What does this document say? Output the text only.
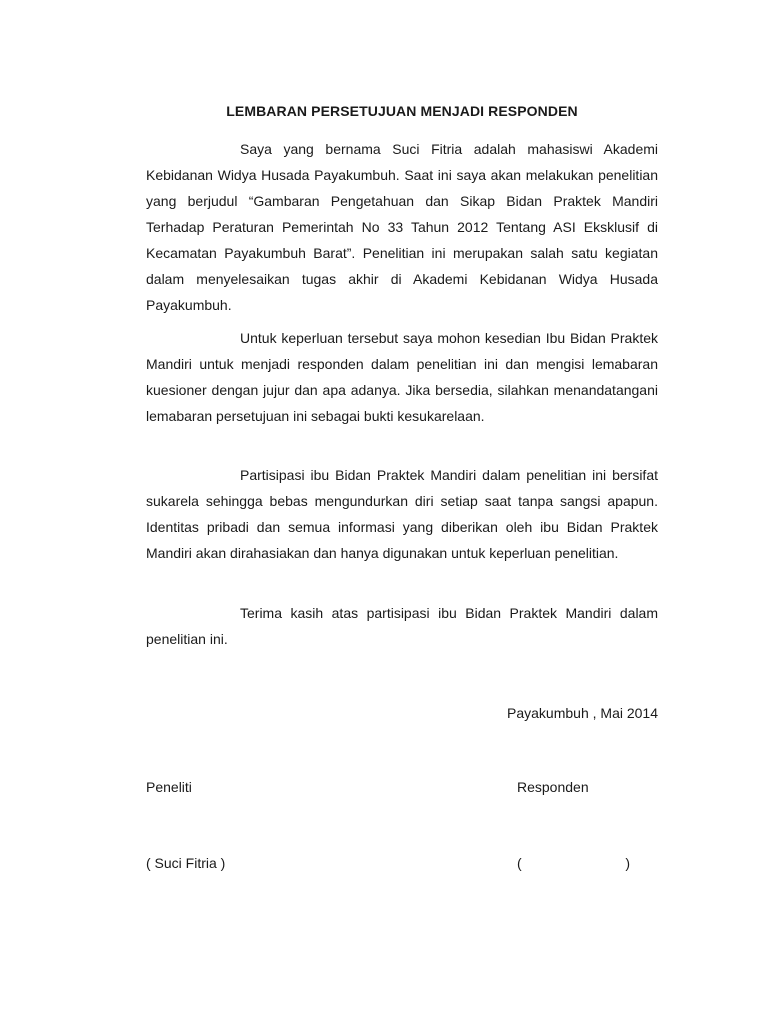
LEMBARAN PERSETUJUAN MENJADI RESPONDEN

Saya yang bernama Suci Fitria adalah mahasiswi Akademi Kebidanan Widya Husada Payakumbuh. Saat ini saya akan melakukan penelitian yang berjudul “Gambaran Pengetahuan dan Sikap Bidan Praktek Mandiri Terhadap Peraturan Pemerintah No 33 Tahun 2012 Tentang ASI Eksklusif di Kecamatan Payakumbuh Barat”. Penelitian ini merupakan salah satu kegiatan dalam menyelesaikan tugas akhir di Akademi Kebidanan Widya Husada Payakumbuh.

Untuk keperluan tersebut saya mohon kesedian Ibu Bidan Praktek Mandiri untuk menjadi responden dalam penelitian ini dan mengisi lemabaran kuesioner dengan jujur dan apa adanya. Jika bersedia, silahkan menandatangani lemabaran persetujuan ini sebagai bukti kesukarelaan.

Partisipasi ibu Bidan Praktek Mandiri dalam penelitian ini bersifat sukarela sehingga bebas mengundurkan diri setiap saat tanpa sangsi apapun. Identitas pribadi dan semua informasi yang diberikan oleh ibu Bidan Praktek Mandiri akan dirahasiakan dan hanya digunakan untuk keperluan penelitian.

Terima kasih atas partisipasi ibu Bidan Praktek Mandiri dalam penelitian ini.

Payakumbuh , Mai 2014

Peneliti	Responden

( Suci Fitria )	(	)
